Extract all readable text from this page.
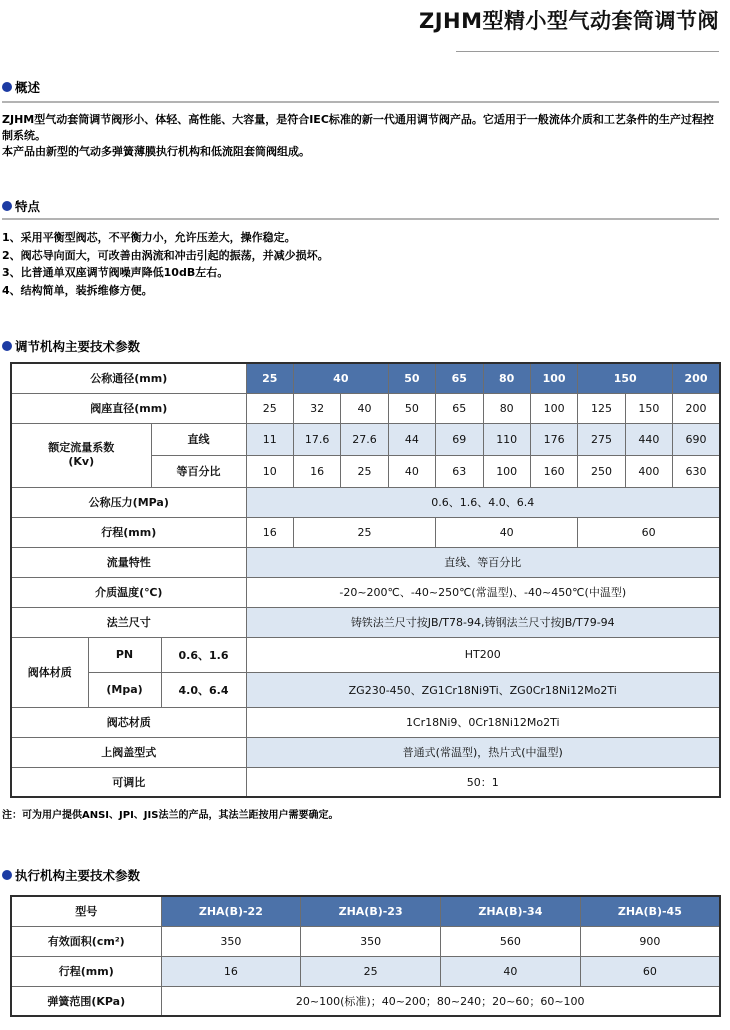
ZJHM型精小型气动套筒调节阀
概述
ZJHM型气动套筒调节阀形小、体轻、高性能、大容量，是符合IEC标准的新一代通用调节阀产品。它适用于一般流体介质和工艺条件的生产过程控制系统。
本产品由新型的气动多弹簧薄膜执行机构和低流阻套筒阀组成。
特点
1、采用平衡型阀芯，不平衡力小，允许压差大，操作稳定。
2、阀芯导向面大，可改善由涡流和冲击引起的振荡，并减少损坏。
3、比普通单双座调节阀噪声降低10dB左右。
4、结构简单，装拆维修方便。
调节机构主要技术参数
公称通径(mm)				25	40		50	65	80	100	150		200
阀座直径(mm)				25	32	40	50	65	80	100	125	150	200

额定流量系数
(Kv)		直线		11	17.6	27.6	44	69	110	176	275	440	690
		等百分比		10	16	25	40	63	100	160	250	400	630
公称压力(MPa)				0.6、1.6、4.0、6.4									
行程(mm)				16	25			40			60		
流量特性				直线、等百分比									
介质温度(℃)				-20~200℃、-40~250℃(常温型)、-40~450℃(中温型)									
法兰尺寸				铸铁法兰尺寸按JB/T78-94,铸钢法兰尺寸按JB/T79-94									
阀体材质	PN		0.6、1.6	HT200									
	(Mpa)		4.0、6.4	ZG230-450、ZG1Cr18Ni9Ti、ZG0Cr18Ni12Mo2Ti									
阀芯材质				1Cr18Ni9、0Cr18Ni12Mo2Ti									
上阀盖型式				普通式(常温型)，热片式(中温型)									
可调比				50：1									
注：可为用户提供ANSI、JPI、JIS法兰的产品，其法兰距按用户需要确定。
执行机构主要技术参数
型号	ZHA(B)-22	ZHA(B)-23	ZHA(B)-34	ZHA(B)-45
有效面积(cm²)	350	350	560	900
行程(mm)	16	25	40	60
弹簧范围(KPa)	20~100(标准)；40~200；80~240；20~60；60~100			
